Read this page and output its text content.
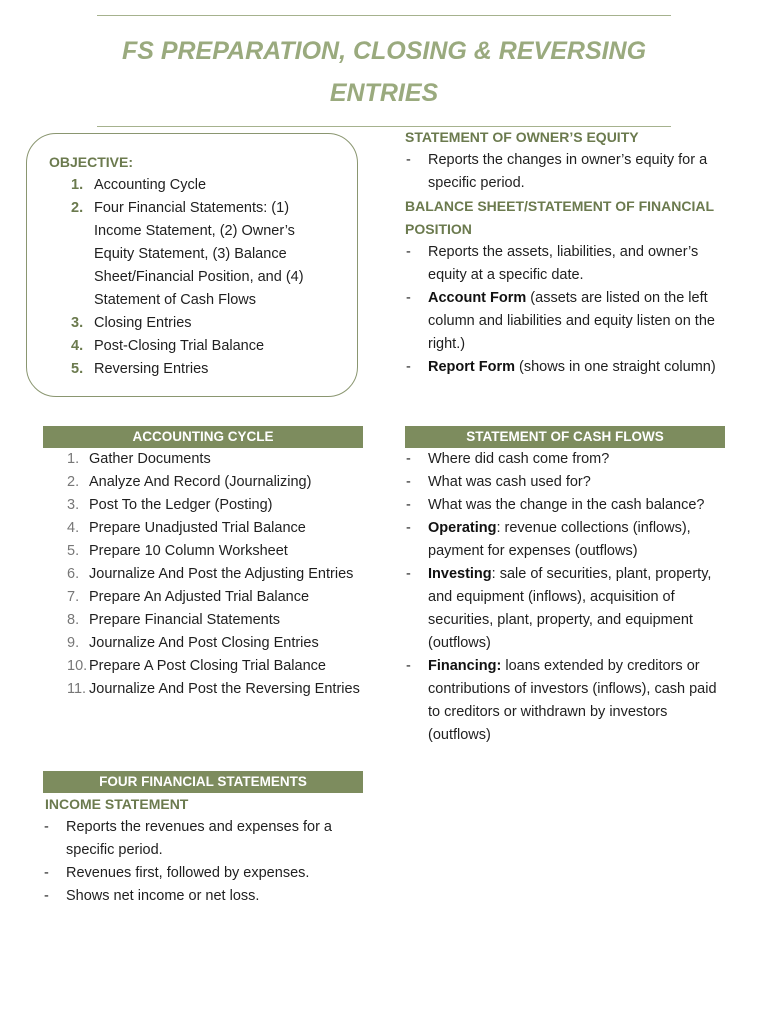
FS PREPARATION, CLOSING & REVERSING ENTRIES
OBJECTIVE:
1. Accounting Cycle
2. Four Financial Statements: (1) Income Statement, (2) Owner’s Equity Statement, (3) Balance Sheet/Financial Position, and (4) Statement of Cash Flows
3. Closing Entries
4. Post-Closing Trial Balance
5. Reversing Entries
ACCOUNTING CYCLE
1. Gather Documents
2. Analyze And Record (Journalizing)
3. Post To the Ledger (Posting)
4. Prepare Unadjusted Trial Balance
5. Prepare 10 Column Worksheet
6. Journalize And Post the Adjusting Entries
7. Prepare An Adjusted Trial Balance
8. Prepare Financial Statements
9. Journalize And Post Closing Entries
10. Prepare A Post Closing Trial Balance
11. Journalize And Post the Reversing Entries
FOUR FINANCIAL STATEMENTS
INCOME STATEMENT
- Reports the revenues and expenses for a specific period.
- Revenues first, followed by expenses.
- Shows net income or net loss.
STATEMENT OF OWNER’S EQUITY
- Reports the changes in owner’s equity for a specific period.
BALANCE SHEET/STATEMENT OF FINANCIAL POSITION
- Reports the assets, liabilities, and owner’s equity at a specific date.
- Account Form (assets are listed on the left column and liabilities and equity listen on the right.)
- Report Form (shows in one straight column)
STATEMENT OF CASH FLOWS
- Where did cash come from?
- What was cash used for?
- What was the change in the cash balance?
- Operating: revenue collections (inflows), payment for expenses (outflows)
- Investing: sale of securities, plant, property, and equipment (inflows), acquisition of securities, plant, property, and equipment (outflows)
- Financing: loans extended by creditors or contributions of investors (inflows), cash paid to creditors or withdrawn by investors (outflows)
